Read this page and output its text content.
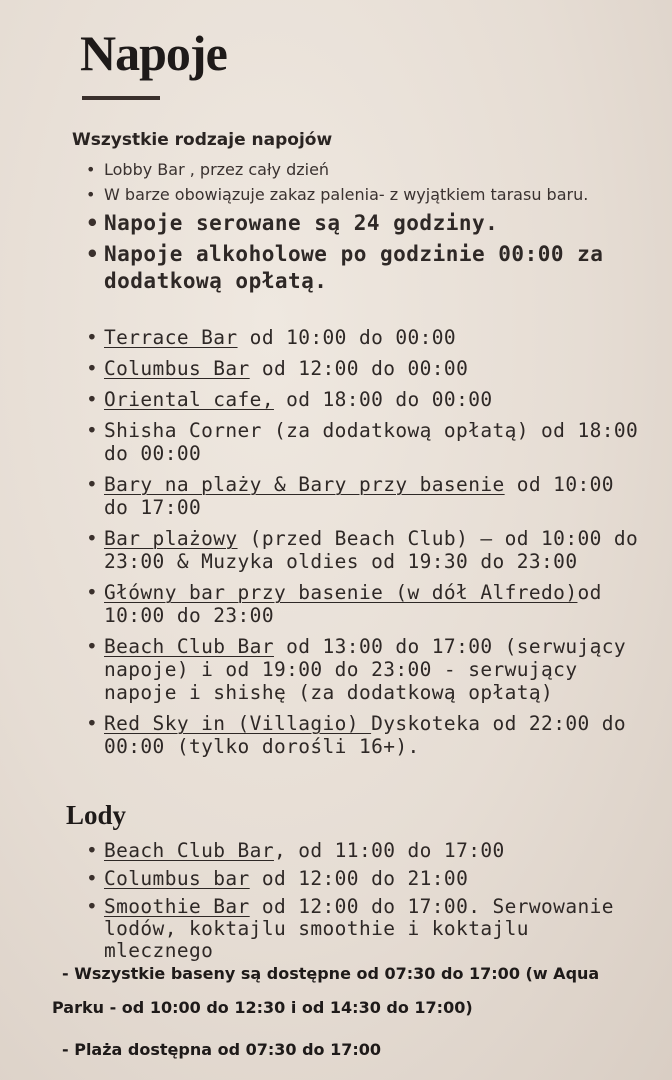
Napoje
Wszystkie rodzaje napojów
• Lobby Bar , przez cały dzień
• W barze obowiązuje zakaz palenia- z wyjątkiem tarasu baru.
• Napoje serowane są 24 godziny.
• Napoje alkoholowe po godzinie 00:00 za dodatkową opłatą.
• Terrace Bar od 10:00 do 00:00
• Columbus Bar od 12:00 do 00:00
• Oriental cafe, od 18:00 do 00:00
• Shisha Corner (za dodatkową opłatą) od 18:00 do 00:00
• Bary na plaży & Bary przy basenie od 10:00 do 17:00
• Bar plażowy (przed Beach Club) – od 10:00 do 23:00 & Muzyka oldies od 19:30 do 23:00
• Główny bar przy basenie (w dół Alfredo)od 10:00 do 23:00
• Beach Club Bar od 13:00 do 17:00 (serwujący napoje) i od 19:00 do 23:00 - serwujący napoje i shishę (za dodatkową opłatą)
• Red Sky in (Villagio) Dyskoteka od 22:00 do 00:00 (tylko dorośli 16+).
Lody
• Beach Club Bar, od 11:00 do 17:00
• Columbus bar od 12:00 do 21:00
• Smoothie Bar od 12:00 do 17:00. Serwowanie lodów, koktajlu smoothie i koktajlu mlecznego
- Wszystkie baseny są dostępne od 07:30 do 17:00 (w Aqua
Parku - od 10:00 do 12:30 i od 14:30 do 17:00)
- Plaża dostępna od 07:30 do 17:00
